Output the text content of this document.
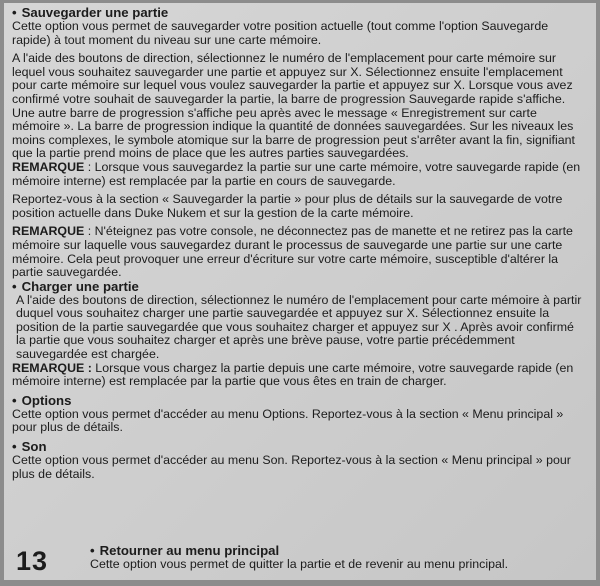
• Sauvegarder une partie

Cette option vous permet de sauvegarder votre position actuelle (tout comme l'option Sauvegarde rapide) à tout moment du niveau sur une carte mémoire.

A l'aide des boutons de direction, sélectionnez le numéro de l'emplacement pour carte mémoire sur lequel vous souhaitez sauvegarder une partie et appuyez sur X. Sélectionnez ensuite l'emplacement pour carte mémoire sur lequel vous voulez sauvegarder la partie et appuyez sur X. Lorsque vous avez confirmé votre souhait de sauvegarder la partie, la barre de progression Sauvegarde rapide s'affiche. Une autre barre de progression s'affiche peu après avec le message « Enregistrement sur carte mémoire ». La barre de progression indique la quantité de données sauvegardées. Sur les niveaux les moins complexes, le symbole atomique sur la barre de progression peut s'arrêter avant la fin, signifiant que la partie prend moins de place que les autres parties sauvegardées.

REMARQUE : Lorsque vous sauvegardez la partie sur une carte mémoire, votre sauvegarde rapide (en mémoire interne) est remplacée par la partie en cours de sauvegarde.

Reportez-vous à la section « Sauvegarder la partie » pour plus de détails sur la sauvegarde de votre position actuelle dans Duke Nukem et sur la gestion de la carte mémoire.

REMARQUE : N'éteignez pas votre console, ne déconnectez pas de manette et ne retirez pas la carte mémoire sur laquelle vous sauvegardez durant le processus de sauvegarde une partie sur une carte mémoire. Cela peut provoquer une erreur d'écriture sur votre carte mémoire, susceptible d'altérer la partie sauvegardée.

• Charger une partie

A l'aide des boutons de direction, sélectionnez le numéro de l'emplacement pour carte mémoire à partir duquel vous souhaitez charger une partie sauvegardée et appuyez sur X. Sélectionnez ensuite la position de la partie sauvegardée que vous souhaitez charger et appuyez sur X . Après avoir confirmé la partie que vous souhaitez charger et après une brève pause, votre partie précédemment sauvegardée est chargée.

REMARQUE : Lorsque vous chargez la partie depuis une carte mémoire, votre sauvegarde rapide (en mémoire interne) est remplacée par la partie que vous êtes en train de charger.

• Options

Cette option vous permet d'accéder au menu Options. Reportez-vous à la section « Menu principal » pour plus de détails.

• Son

Cette option vous permet d'accéder au menu Son. Reportez-vous à la section « Menu principal » pour plus de détails.

13	• Retourner au menu principal

Cette option vous permet de quitter la partie et de revenir au menu principal.
